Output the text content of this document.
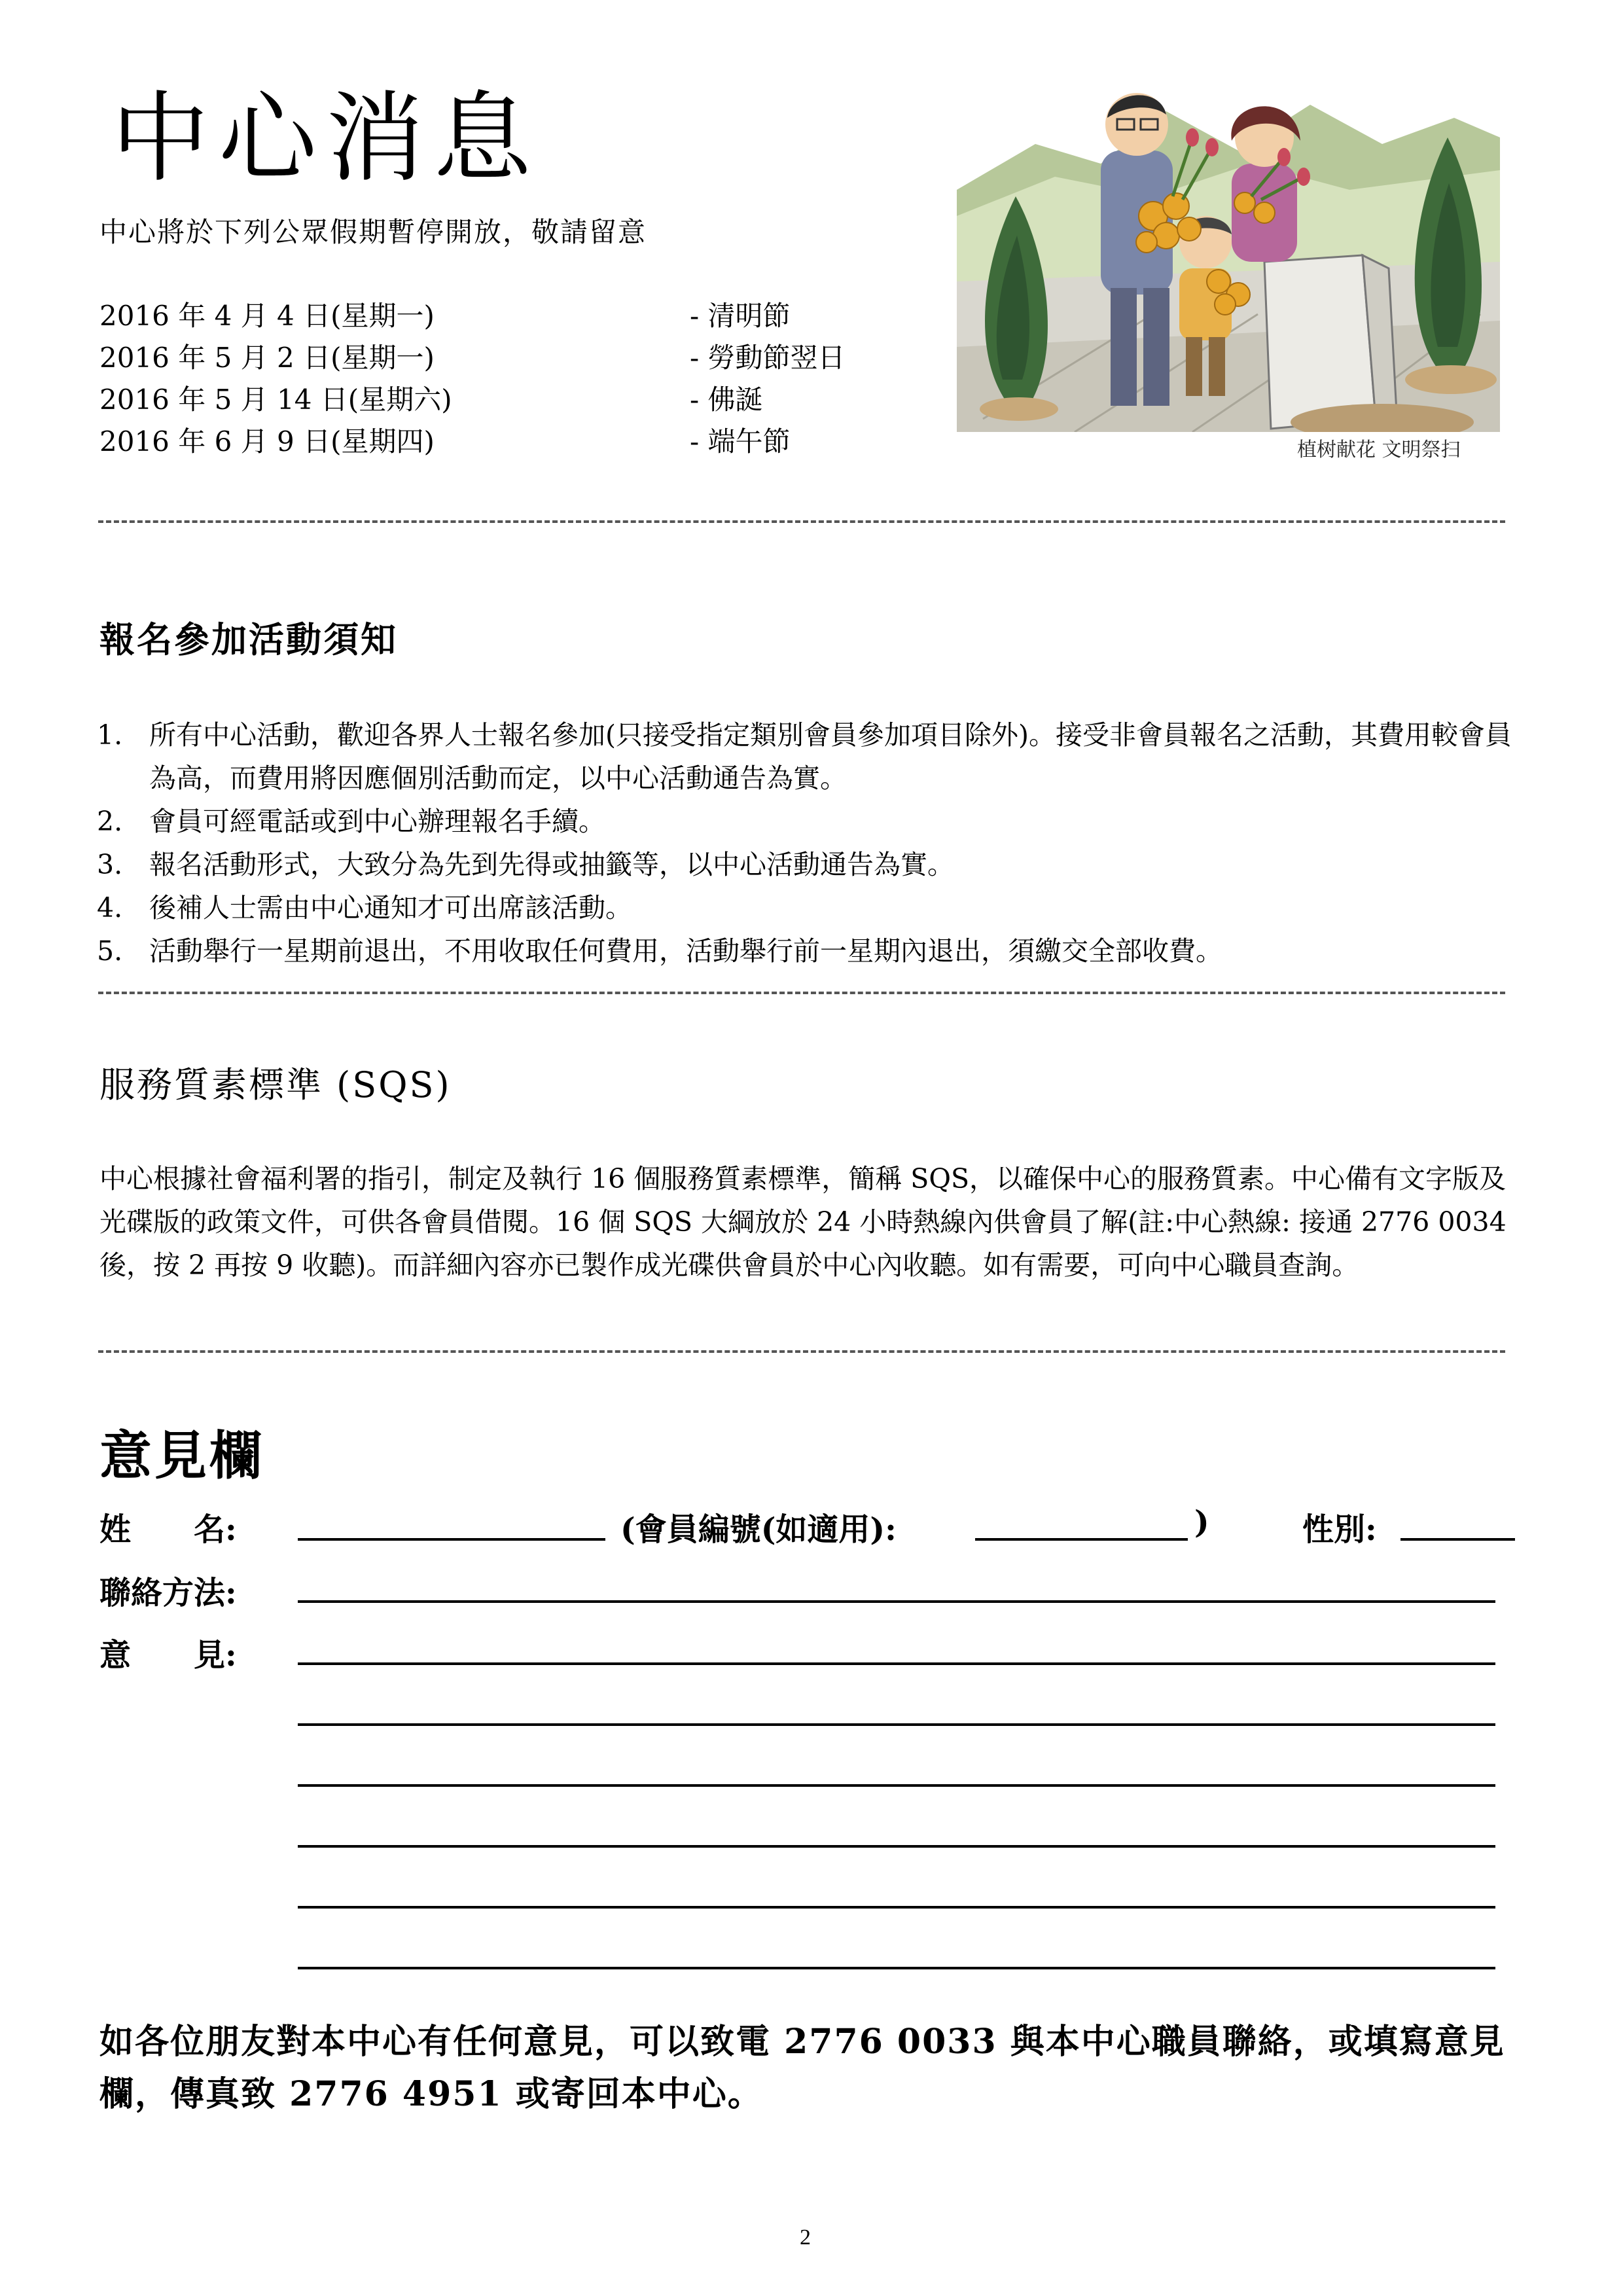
中心消息
中心將於下列公眾假期暫停開放，敬請留意
2016 年 4 月 4 日(星期一)	- 清明節
2016 年 5 月 2 日(星期一)	- 勞動節翌日
2016 年 5 月 14 日(星期六)	- 佛誕
2016 年 6 月 9 日(星期四)	- 端午節	植树献花 文明祭扫
報名參加活動須知
1. 所有中心活動，歡迎各界人士報名參加(只接受指定類別會員參加項目除外)。接受非會員報名之活動，其費用較會員為高，而費用將因應個別活動而定，以中心活動通告為實。
2. 會員可經電話或到中心辦理報名手續。
3. 報名活動形式，大致分為先到先得或抽籤等，以中心活動通告為實。
4. 後補人士需由中心通知才可出席該活動。
5. 活動舉行一星期前退出，不用收取任何費用，活動舉行前一星期內退出，須繳交全部收費。
服務質素標準 (SQS)
中心根據社會福利署的指引，制定及執行 16 個服務質素標準，簡稱 SQS，以確保中心的服務質素。中心備有文字版及光碟版的政策文件，可供各會員借閱。16 個 SQS 大綱放於 24 小時熱線內供會員了解(註:中心熱線: 接通 2776 0034 後，按 2 再按 9 收聽)。而詳細內容亦已製作成光碟供會員於中心內收聽。如有需要，可向中心職員查詢。
意見欄
姓　　名:	(會員編號(如適用):	)	性別:
聯絡方法:
意　　見:
如各位朋友對本中心有任何意見，可以致電 2776 0033 與本中心職員聯絡，或填寫意見欄，傳真致 2776 4951 或寄回本中心。
2
